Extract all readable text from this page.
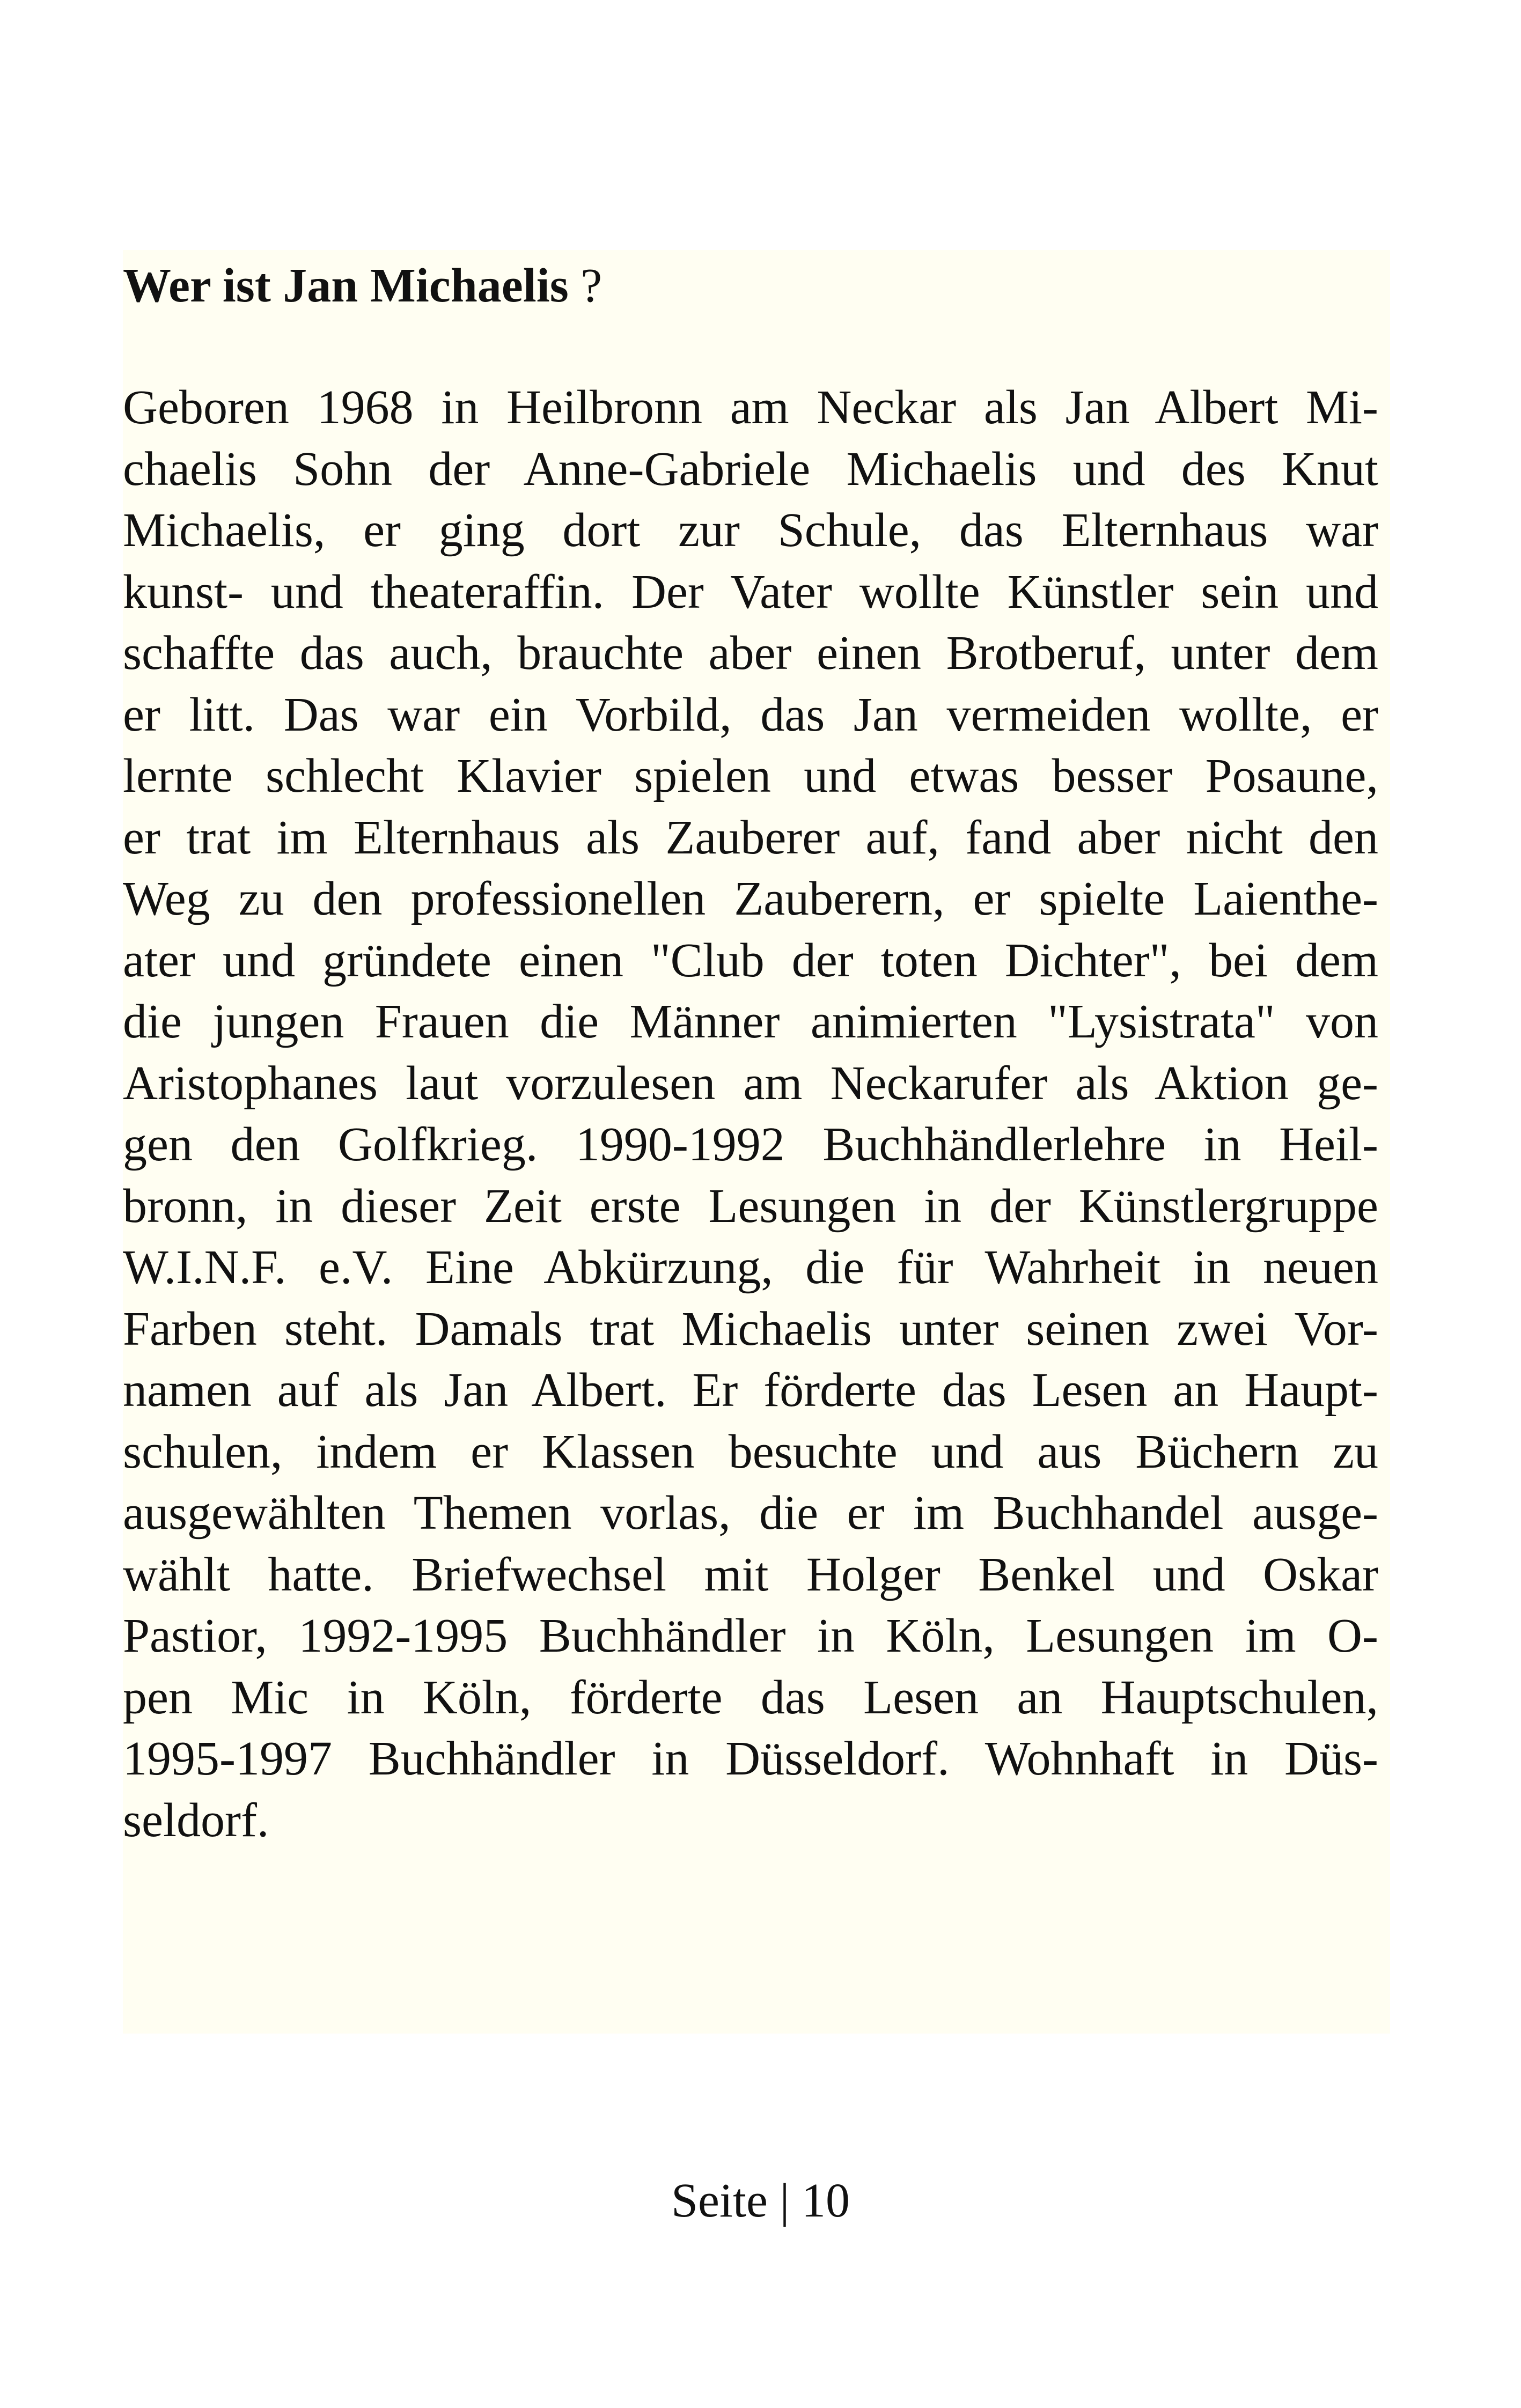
Wer ist Jan Michaelis ?
Geboren 1968 in Heilbronn am Neckar als Jan Albert Mi-
chaelis Sohn der Anne-Gabriele Michaelis und des Knut
Michaelis, er ging dort zur Schule, das Elternhaus war
kunst- und theateraffin. Der Vater wollte Künstler sein und
schaffte das auch, brauchte aber einen Brotberuf, unter dem
er litt. Das war ein Vorbild, das Jan vermeiden wollte, er
lernte schlecht Klavier spielen und etwas besser Posaune,
er trat im Elternhaus als Zauberer auf, fand aber nicht den
Weg zu den professionellen Zauberern, er spielte Laienthe-
ater und gründete einen "Club der toten Dichter", bei dem
die jungen Frauen die Männer animierten "Lysistrata" von
Aristophanes laut vorzulesen am Neckarufer als Aktion ge-
gen den Golfkrieg. 1990-1992 Buchhändlerlehre in Heil-
bronn, in dieser Zeit erste Lesungen in der Künstlergruppe
W.I.N.F. e.V. Eine Abkürzung, die für Wahrheit in neuen
Farben steht. Damals trat Michaelis unter seinen zwei Vor-
namen auf als Jan Albert. Er förderte das Lesen an Haupt-
schulen, indem er Klassen besuchte und aus Büchern zu
ausgewählten Themen vorlas, die er im Buchhandel ausge-
wählt hatte. Briefwechsel mit Holger Benkel und Oskar
Pastior, 1992-1995 Buchhändler in Köln, Lesungen im O-
pen Mic in Köln, förderte das Lesen an Hauptschulen,
1995-1997 Buchhändler in Düsseldorf. Wohnhaft in Düs-
seldorf.
Seite | 10
